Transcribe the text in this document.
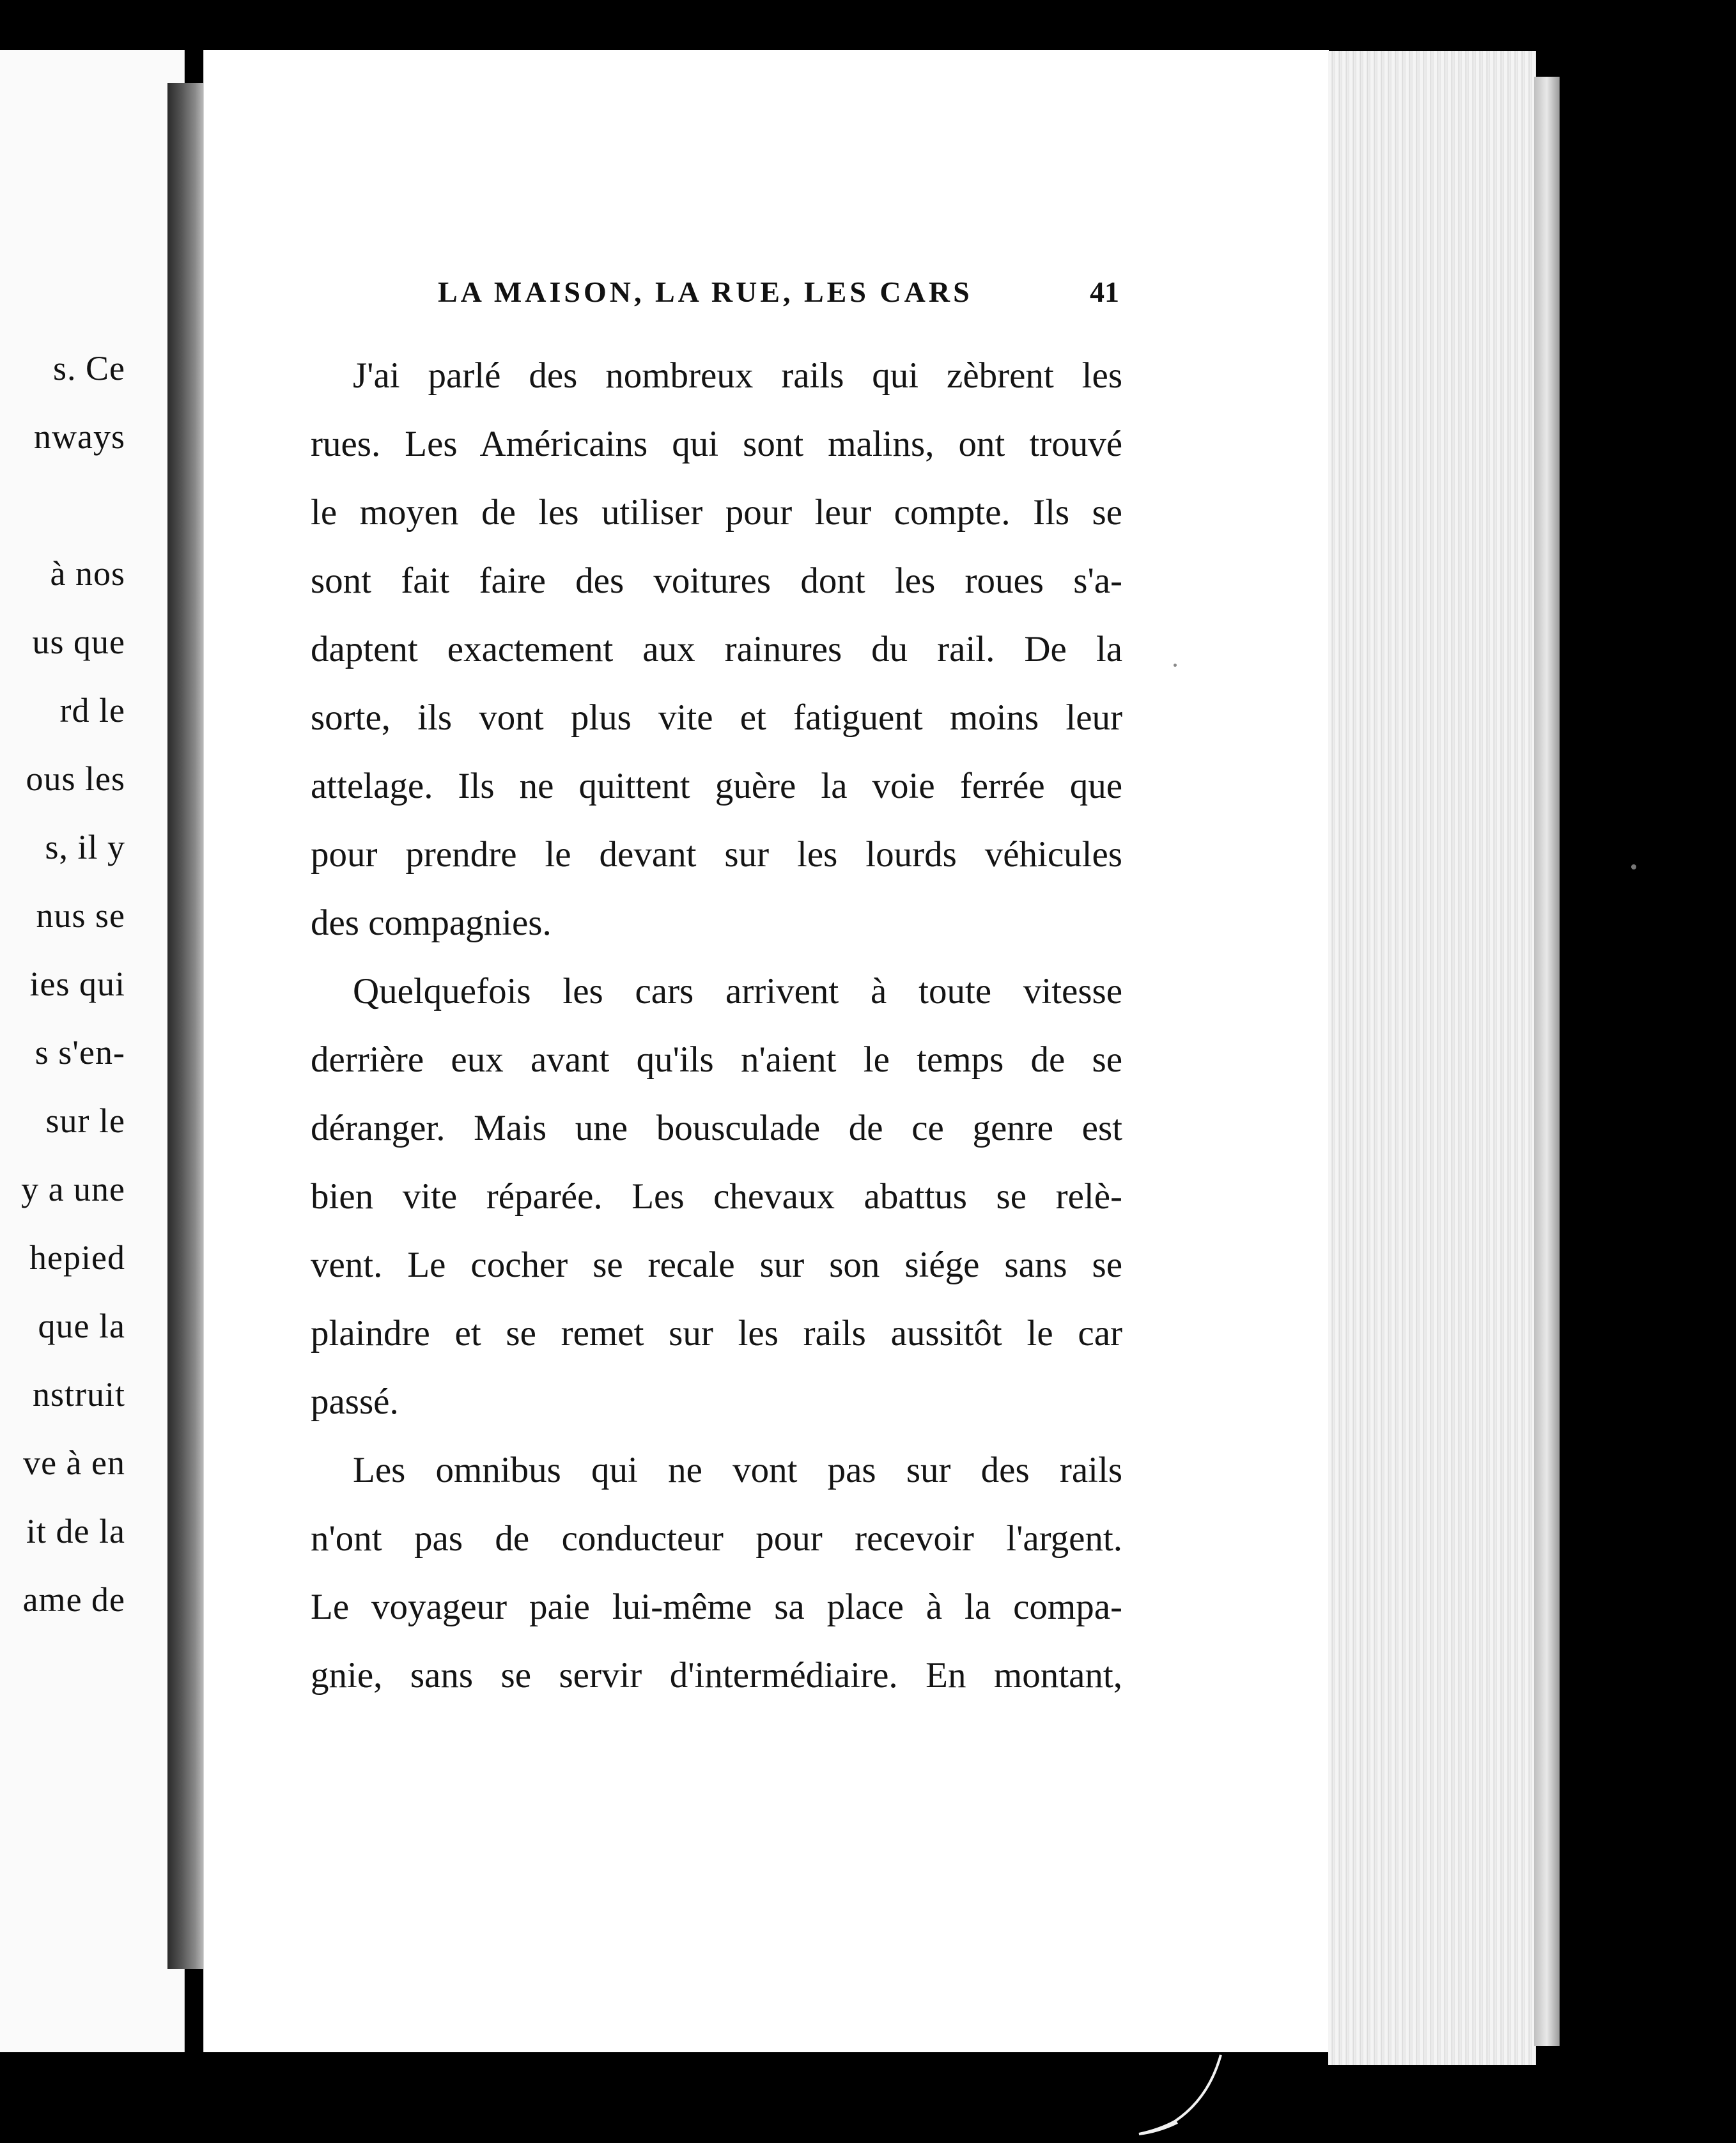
s. Ce
nways
à nos
us que
rd le
ous les
s, il y
nus se
ies qui
s s'en-
sur le
y a une
hepied
que la
nstruit
ve à en
it de la
ame de
LA MAISON, LA RUE, LES CARS	41
J'ai parlé des nombreux rails qui zèbrent les
rues. Les Américains qui sont malins, ont trouvé
le moyen de les utiliser pour leur compte. Ils se
sont fait faire des voitures dont les roues s'a-
daptent exactement aux rainures du rail. De la
sorte, ils vont plus vite et fatiguent moins leur
attelage. Ils ne quittent guère la voie ferrée que
pour prendre le devant sur les lourds véhicules
des compagnies.
Quelquefois les cars arrivent à toute vitesse
derrière eux avant qu'ils n'aient le temps de se
déranger. Mais une bousculade de ce genre est
bien vite réparée. Les chevaux abattus se relè-
vent. Le cocher se recale sur son siége sans se
plaindre et se remet sur les rails aussitôt le car
passé.
Les omnibus qui ne vont pas sur des rails
n'ont pas de conducteur pour recevoir l'argent.
Le voyageur paie lui-même sa place à la compa-
gnie, sans se servir d'intermédiaire. En montant,
